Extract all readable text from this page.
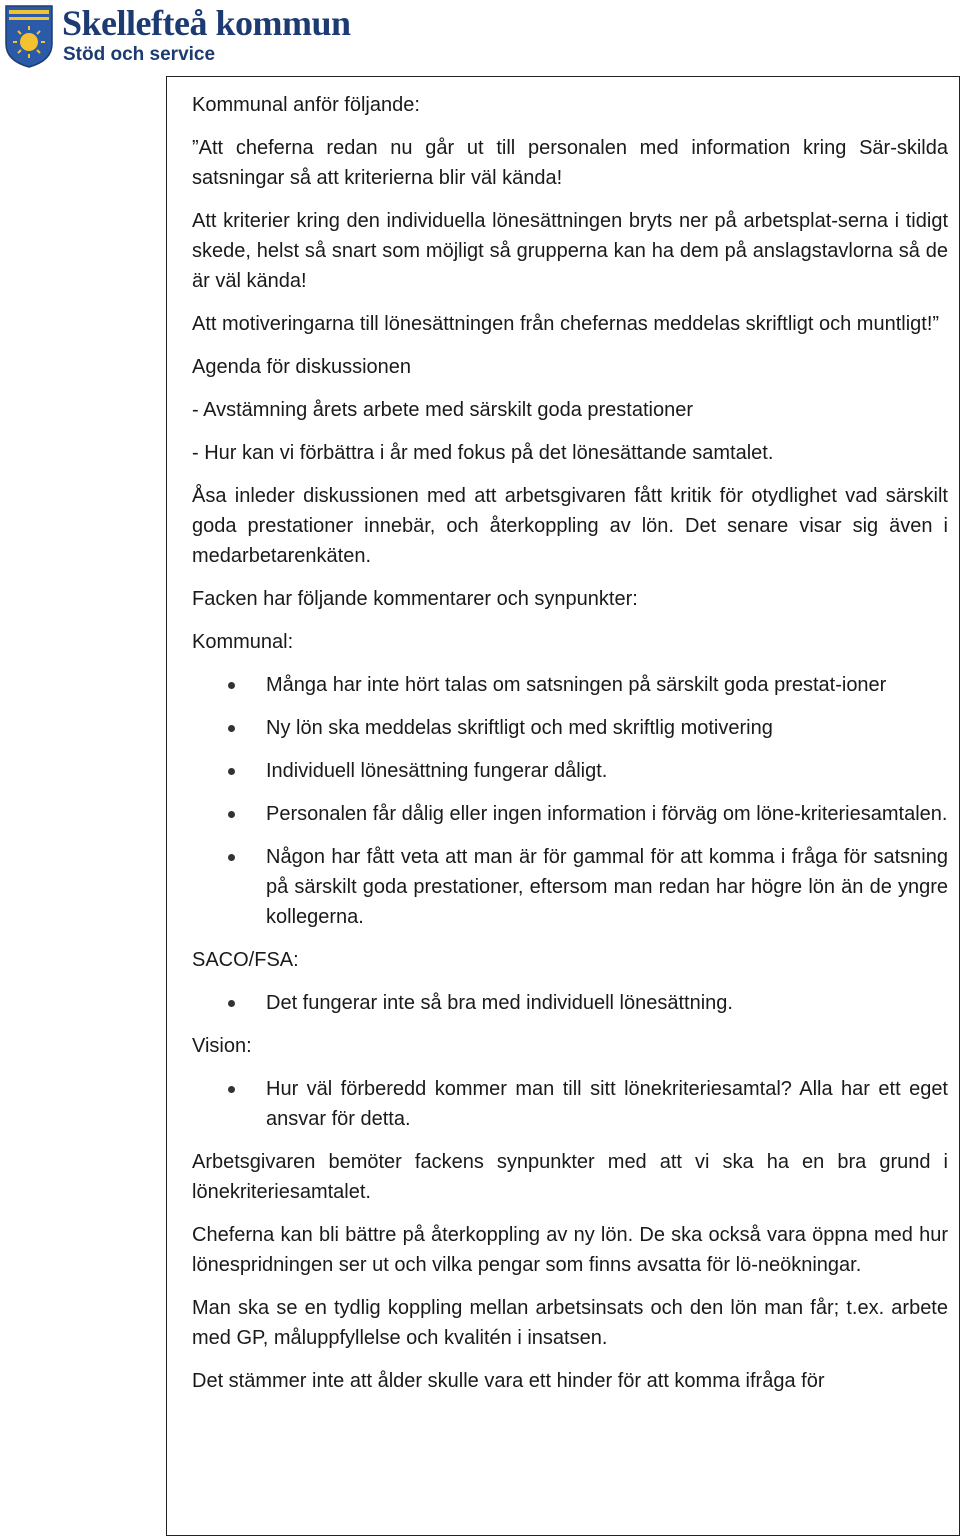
Skellefteå kommun
Stöd och service

Kommunal anför följande:

”Att cheferna redan nu går ut till personalen med information kring Sär-skilda satsningar så att kriterierna blir väl kända!

Att kriterier kring den individuella lönesättningen bryts ner på arbetsplat-serna i tidigt skede, helst så snart som möjligt så grupperna kan ha dem på anslagstavlorna så de är väl kända!

Att motiveringarna till lönesättningen från chefernas meddelas skriftligt och muntligt!”

Agenda för diskussionen

- Avstämning årets arbete med särskilt goda prestationer

- Hur kan vi förbättra i år med fokus på det lönesättande samtalet.

Åsa inleder diskussionen med att arbetsgivaren fått kritik för otydlighet vad särskilt goda prestationer innebär, och återkoppling av lön. Det senare visar sig även i medarbetarenkäten.

Facken har följande kommentarer och synpunkter:

Kommunal:

Många har inte hört talas om satsningen på särskilt goda prestat-ioner
Ny lön ska meddelas skriftligt och med skriftlig motivering
Individuell lönesättning fungerar dåligt.
Personalen får dålig eller ingen information i förväg om löne-kriteriesamtalen.
Någon har fått veta att man är för gammal för att komma i fråga för satsning på särskilt goda prestationer, eftersom man redan har högre lön än de yngre kollegerna.

SACO/FSA:

Det fungerar inte så bra med individuell lönesättning.

Vision:

Hur väl förberedd kommer man till sitt lönekriteriesamtal? Alla har ett eget ansvar för detta.

Arbetsgivaren bemöter fackens synpunkter med att vi ska ha en bra grund i lönekriteriesamtalet.

Cheferna kan bli bättre på återkoppling av ny lön. De ska också vara öppna med hur lönespridningen ser ut och vilka pengar som finns avsatta för lö-neökningar.

Man ska se en tydlig koppling mellan arbetsinsats och den lön man får; t.ex. arbete med GP, måluppfyllelse och kvalitén i insatsen.

Det stämmer inte att ålder skulle vara ett hinder för att komma ifråga för
